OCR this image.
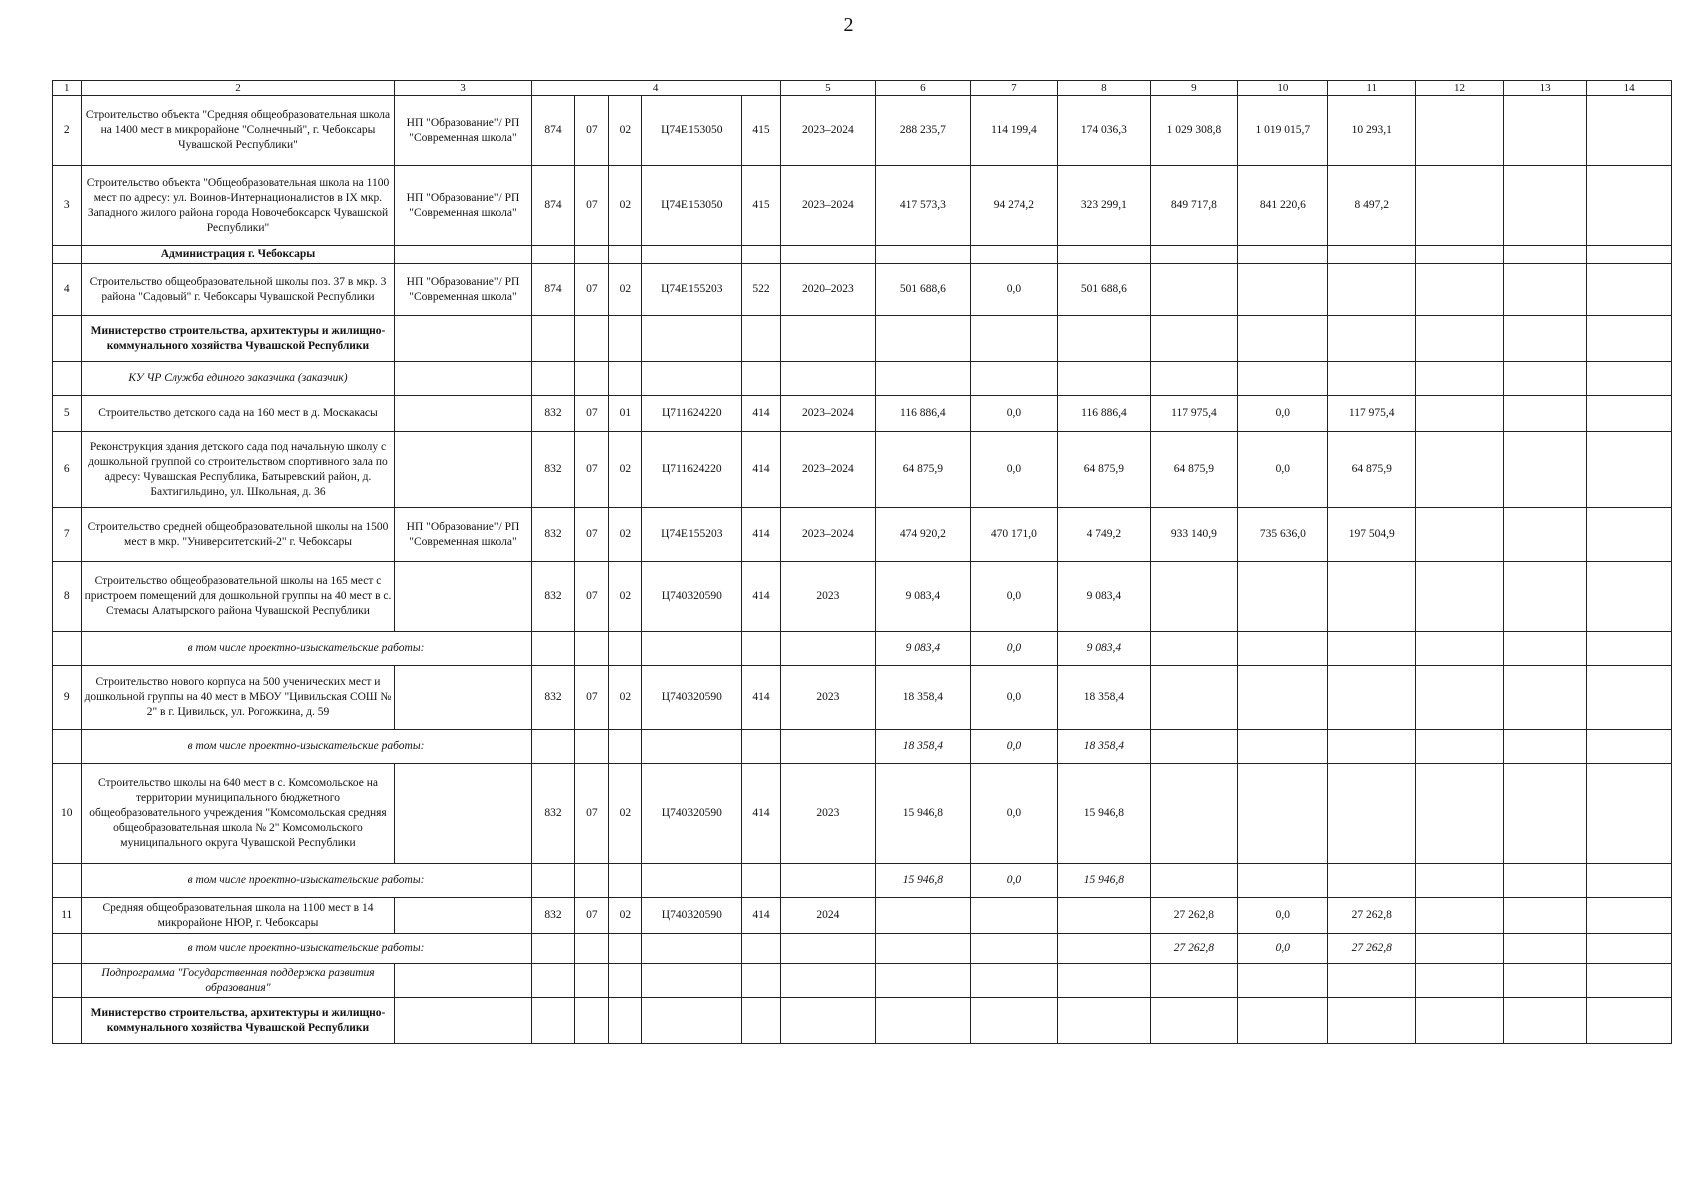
2
1	2	3	4					5	6	7	8	9	10	11	12	13	14
2	Строительство объекта "Средняя общеобразовательная школа на 1400 мест в микрорайоне "Солнечный", г. Чебоксары Чувашской Республики"	НП "Образование"/ РП "Современная школа"	874	07	02	Ц74Е153050	415	2023–2024	288 235,7	114 199,4	174 036,3	1 029 308,8	1 019 015,7	10 293,1			
3	Строительство объекта "Общеобразовательная школа на 1100 мест по адресу: ул. Воинов-Интернационалистов в IX мкр. Западного жилого района города Новочебоксарск Чувашской Республики"	НП "Образование"/ РП "Современная школа"	874	07	02	Ц74Е153050	415	2023–2024	417 573,3	94 274,2	323 299,1	849 717,8	841 220,6	8 497,2			
	Администрация г. Чебоксары																
4	Строительство общеобразовательной школы поз. 37 в мкр. 3 района "Садовый" г. Чебоксары Чувашской Республики	НП "Образование"/ РП "Современная школа"	874	07	02	Ц74Е155203	522	2020–2023	501 688,6	0,0	501 688,6						
	Министерство строительства, архитектуры и жилищно-коммунального хозяйства Чувашской Республики																
	КУ ЧР Служба единого заказчика (заказчик)																
5	Строительство детского сада на 160 мест в д. Москакасы		832	07	01	Ц711624220	414	2023–2024	116 886,4	0,0	116 886,4	117 975,4	0,0	117 975,4			
6	Реконструкция здания детского сада под начальную школу с дошкольной группой со строительством спортивного зала по адресу: Чувашская Республика, Батыревский район, д. Бахтигильдино, ул. Школьная, д. 36		832	07	02	Ц711624220	414	2023–2024	64 875,9	0,0	64 875,9	64 875,9	0,0	64 875,9			
7	Строительство средней общеобразовательной школы на 1500 мест в мкр. "Университетский-2" г. Чебоксары	НП "Образование"/ РП "Современная школа"	832	07	02	Ц74Е155203	414	2023–2024	474 920,2	470 171,0	4 749,2	933 140,9	735 636,0	197 504,9			
8	Строительство общеобразовательной школы на 165 мест с пристроем помещений для дошкольной группы на 40 мест в с. Стемасы Алатырского района Чувашской Республики		832	07	02	Ц740320590	414	2023	9 083,4	0,0	9 083,4						
	в том числе проектно-изыскательские работы:								9 083,4	0,0	9 083,4						
9	Строительство нового корпуса на 500 ученических мест и дошкольной группы на 40 мест в МБОУ "Цивильская СОШ № 2" в г. Цивильск, ул. Рогожкина, д. 59		832	07	02	Ц740320590	414	2023	18 358,4	0,0	18 358,4						
	в том числе проектно-изыскательские работы:								18 358,4	0,0	18 358,4						
10	Строительство школы на 640 мест в с. Комсомольское на территории муниципального бюджетного общеобразовательного учреждения "Комсомольская средняя общеобразовательная школа № 2" Комсомольского муниципального округа Чувашской Республики		832	07	02	Ц740320590	414	2023	15 946,8	0,0	15 946,8						
	в том числе проектно-изыскательские работы:								15 946,8	0,0	15 946,8						
11	Средняя общеобразовательная школа на 1100 мест в 14 микрорайоне НЮР, г. Чебоксары		832	07	02	Ц740320590	414	2024				27 262,8	0,0	27 262,8			
	в том числе проектно-изыскательские работы:											27 262,8	0,0	27 262,8			
	Подпрограмма "Государственная поддержка развития образования"																
	Министерство строительства, архитектуры и жилищно-коммунального хозяйства Чувашской Республики																
